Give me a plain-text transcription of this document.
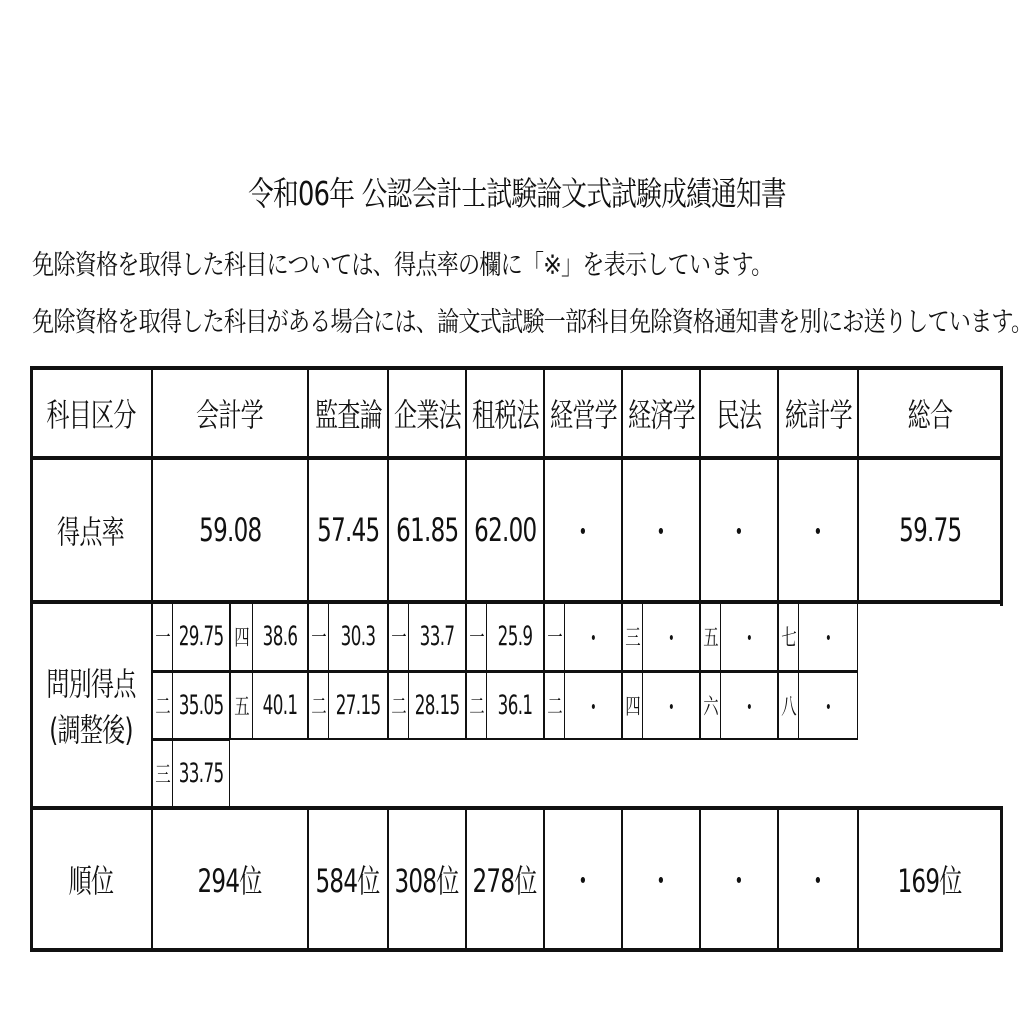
令和06年 公認会計士試験論文式試験成績通知書
免除資格を取得した科目については、得点率の欄に「※」を表示しています。
免除資格を取得した科目がある場合には、論文式試験一部科目免除資格通知書を別にお送りしています。
科目区分 会計学 監査論 企業法 租税法 経営学 経済学 民法 統計学 総合
得点率 59.08 57.45 61.85 62.00 ・ ・ ・ ・ 59.75
順位	294位 584位 308位 278位 ・ ・ ・ ・ 169位
問別得点
(調整後)
一 29.75 四 38.6 一 30.3 一 33.7 一 25.9 一 ・ 三 ・ 五 ・ 七 ・
二 35.05 五 40.1 二 27.15 二 28.15 二 36.1 二 ・ 四 ・ 六 ・ 八 ・
三 33.75
